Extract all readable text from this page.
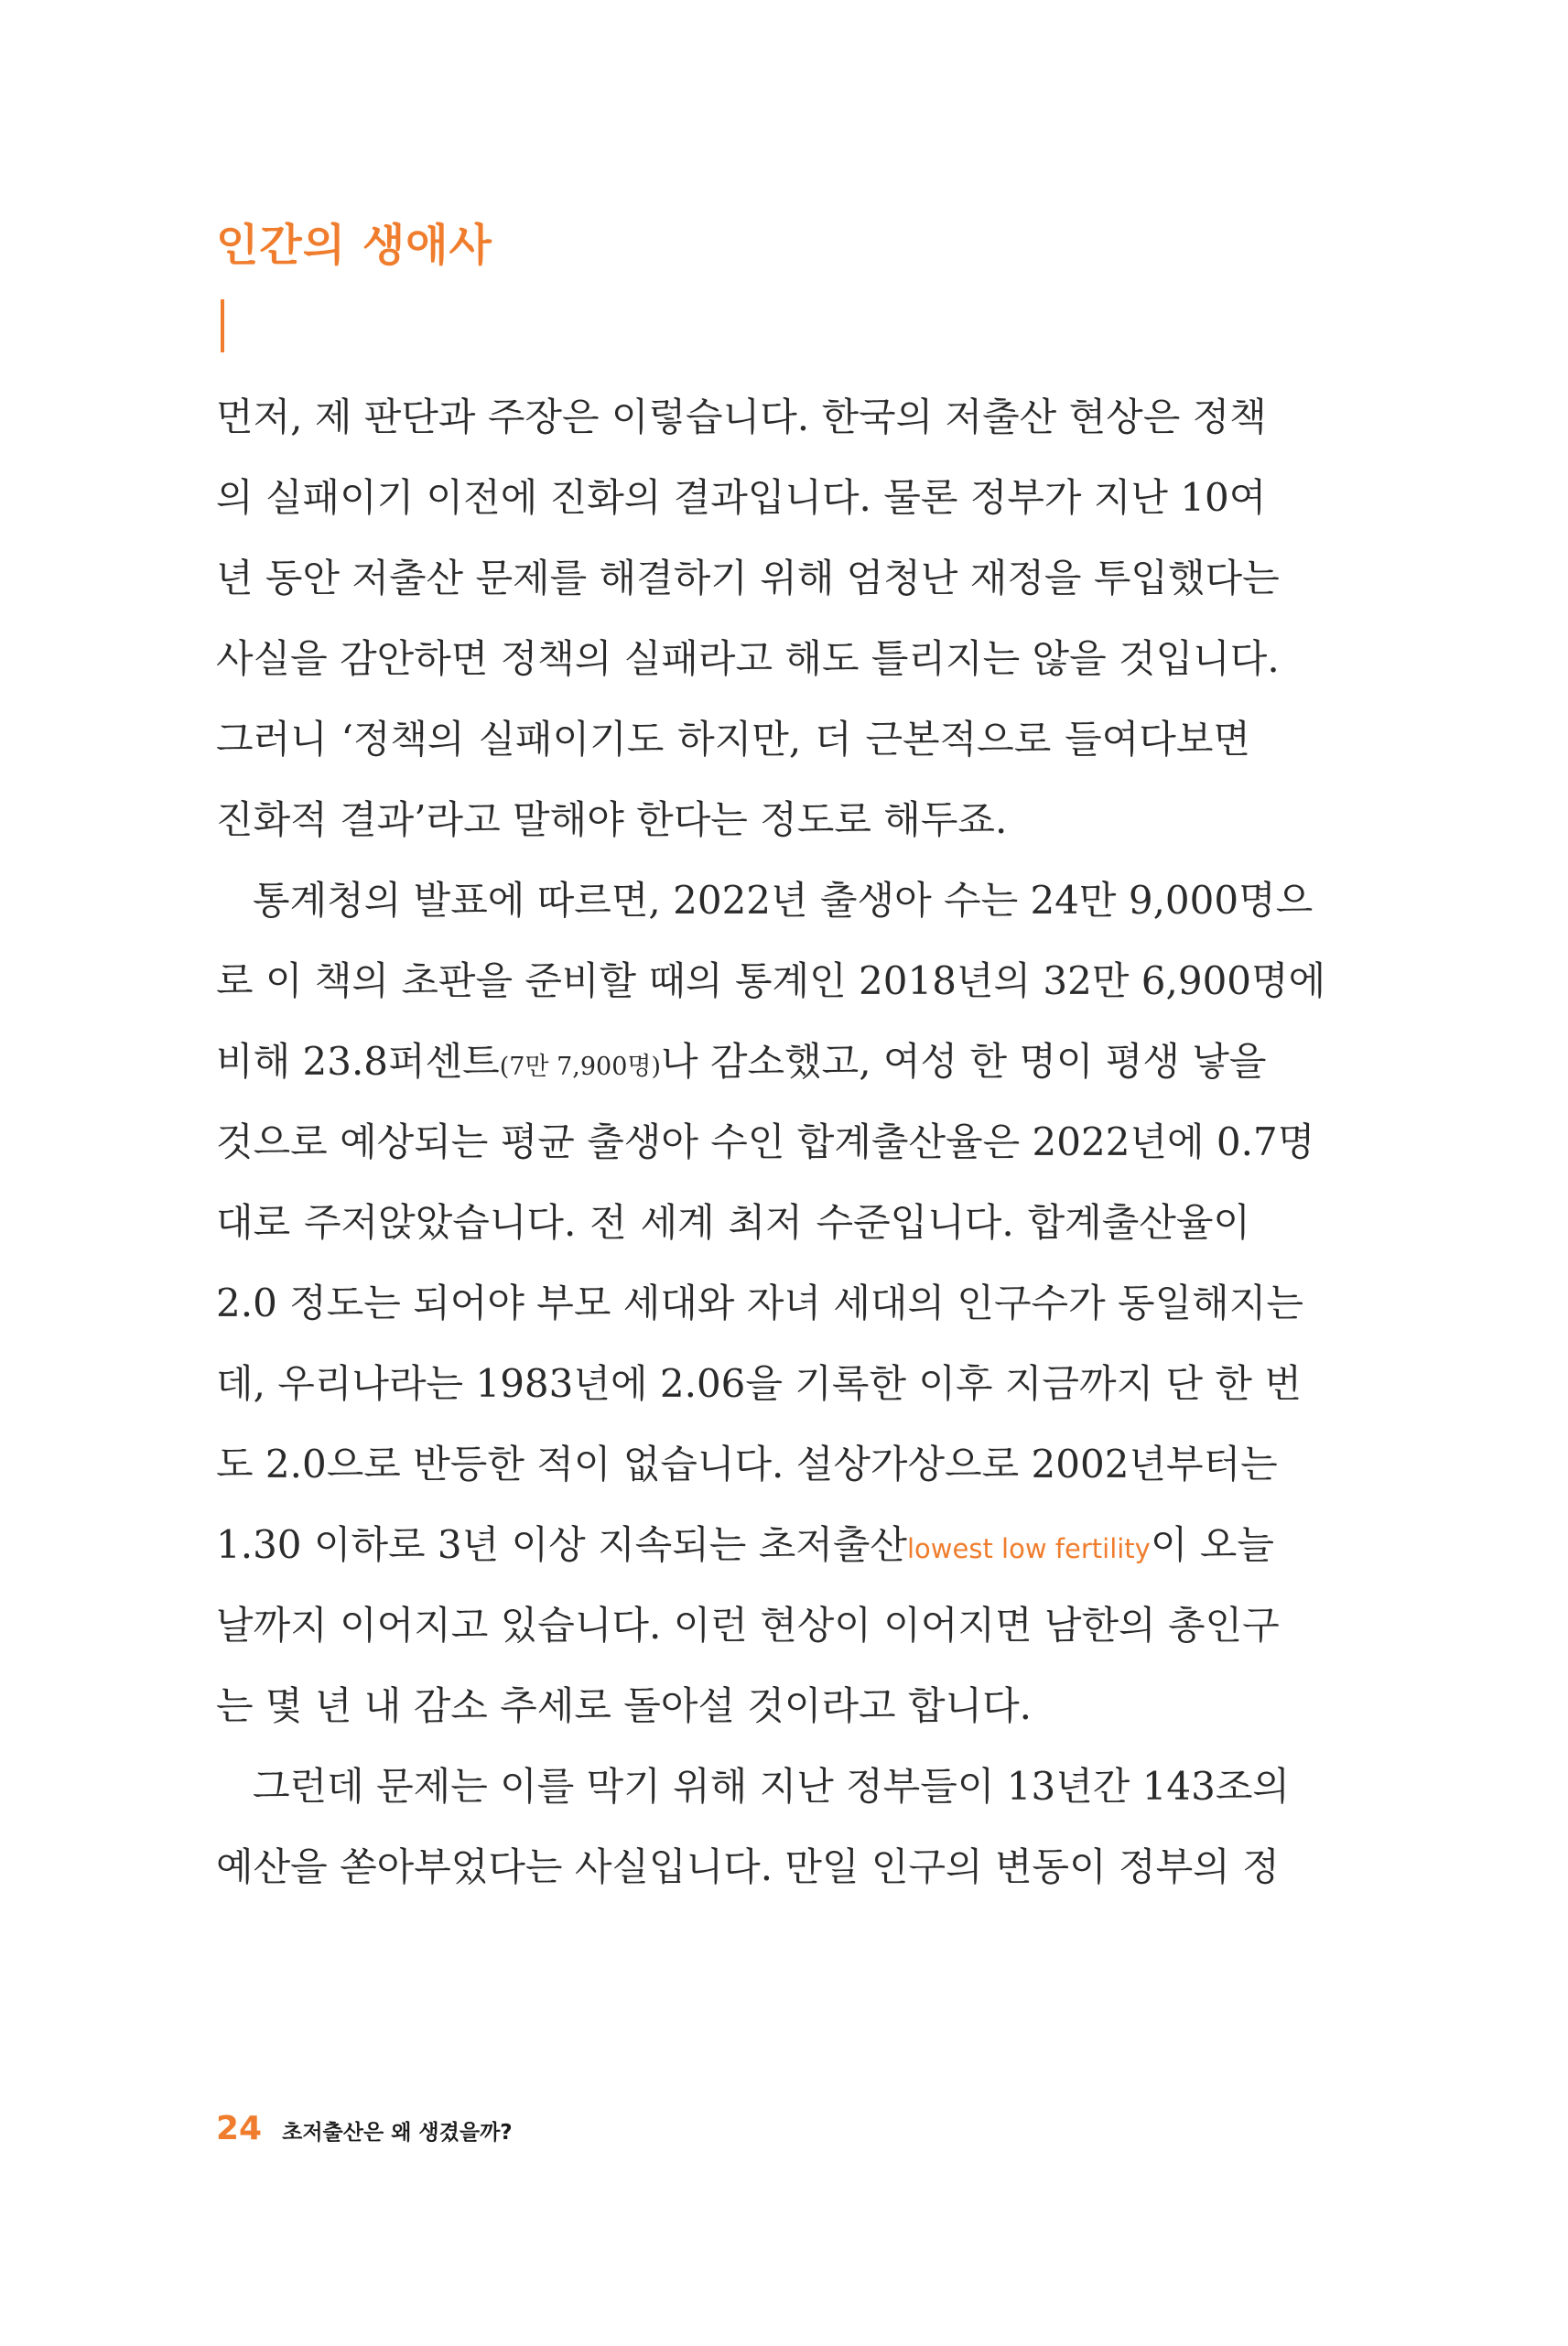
인간의 생애사
먼저, 제 판단과 주장은 이렇습니다. 한국의 저출산 현상은 정책
의 실패이기 이전에 진화의 결과입니다. 물론 정부가 지난 10여
년 동안 저출산 문제를 해결하기 위해 엄청난 재정을 투입했다는
사실을 감안하면 정책의 실패라고 해도 틀리지는 않을 것입니다.
그러니 ‘정책의 실패이기도 하지만, 더 근본적으로 들여다보면
진화적 결과’라고 말해야 한다는 정도로 해두죠.
통계청의 발표에 따르면, 2022년 출생아 수는 24만 9,000명으
로 이 책의 초판을 준비할 때의 통계인 2018년의 32만 6,900명에
비해 23.8퍼센트(7만 7,900명)나 감소했고, 여성 한 명이 평생 낳을
것으로 예상되는 평균 출생아 수인 합계출산율은 2022년에 0.7명
대로 주저앉았습니다. 전 세계 최저 수준입니다. 합계출산율이
2.0 정도는 되어야 부모 세대와 자녀 세대의 인구수가 동일해지는
데, 우리나라는 1983년에 2.06을 기록한 이후 지금까지 단 한 번
도 2.0으로 반등한 적이 없습니다. 설상가상으로 2002년부터는
1.30 이하로 3년 이상 지속되는 초저출산lowest low fertility이 오늘
날까지 이어지고 있습니다. 이런 현상이 이어지면 남한의 총인구
는 몇 년 내 감소 추세로 돌아설 것이라고 합니다.
그런데 문제는 이를 막기 위해 지난 정부들이 13년간 143조의
예산을 쏟아부었다는 사실입니다. 만일 인구의 변동이 정부의 정
24 초저출산은 왜 생겼을까?
